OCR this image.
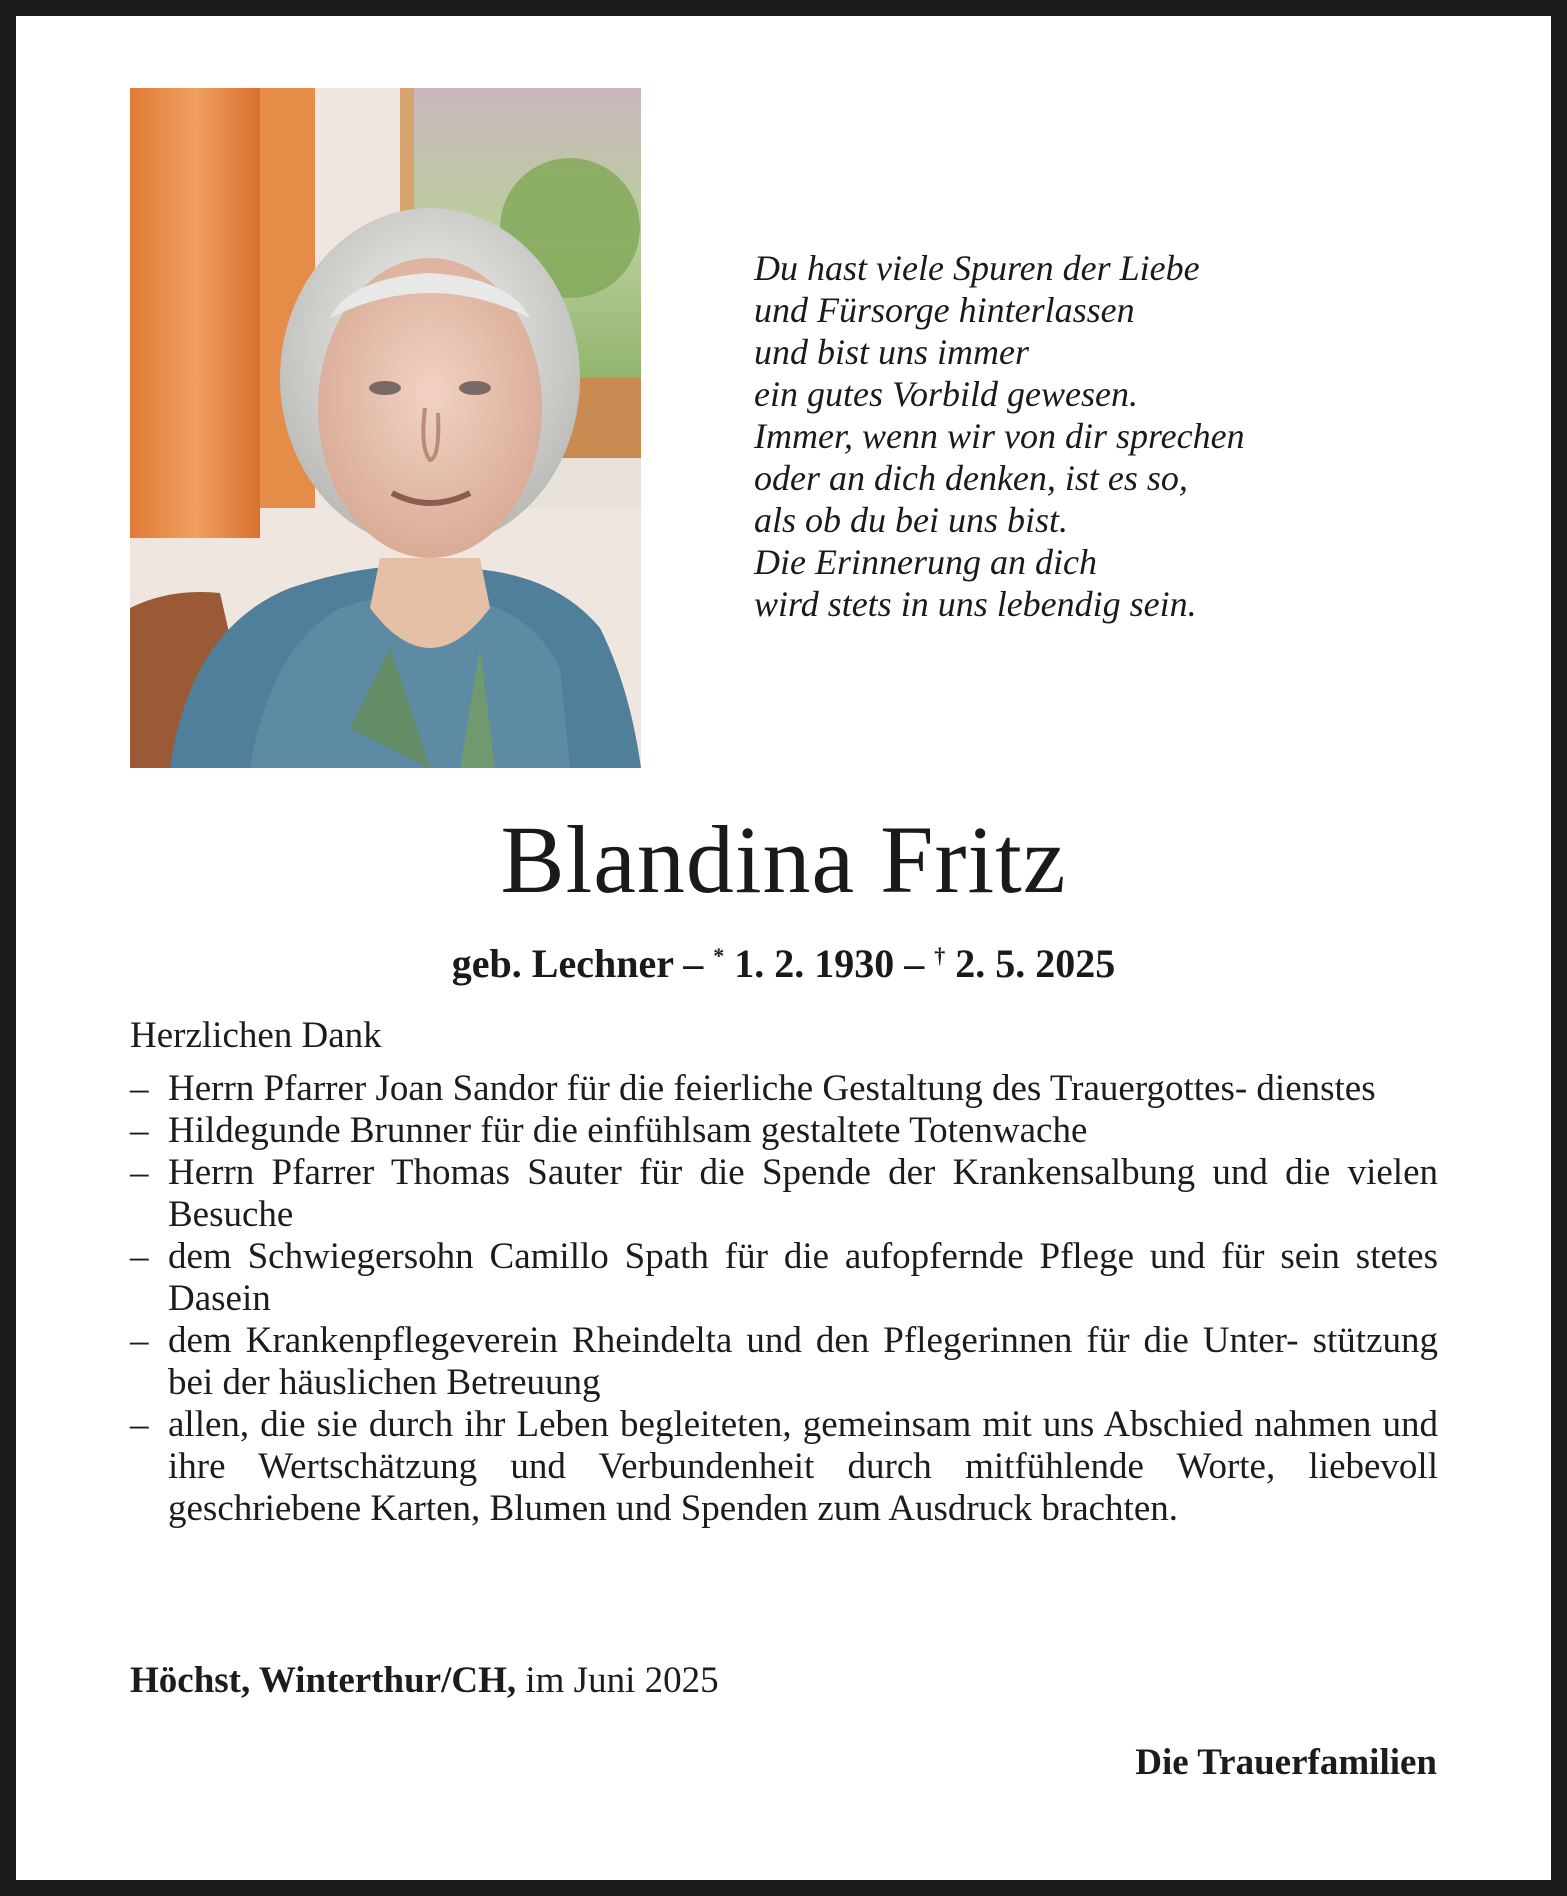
Du hast viele Spuren der Liebe
und Fürsorge hinterlassen
und bist uns immer
ein gutes Vorbild gewesen.
Immer, wenn wir von dir sprechen
oder an dich denken, ist es so,
als ob du bei uns bist.
Die Erinnerung an dich
wird stets in uns lebendig sein.
Blandina Fritz
geb. Lechner – * 1. 2. 1930 – † 2. 5. 2025
Herzlichen Dank
– Herrn Pfarrer Joan Sandor für die feierliche Gestaltung des Trauergottes- dienstes
– Hildegunde Brunner für die einfühlsam gestaltete Totenwache
– Herrn Pfarrer Thomas Sauter für die Spende der Krankensalbung und die vielen Besuche
– dem Schwiegersohn Camillo Spath für die aufopfernde Pflege und für sein stetes Dasein
– dem Krankenpflegeverein Rheindelta und den Pflegerinnen für die Unter- stützung bei der häuslichen Betreuung
– allen, die sie durch ihr Leben begleiteten, gemeinsam mit uns Abschied nahmen und ihre Wertschätzung und Verbundenheit durch mitfühlende Worte, liebevoll geschriebene Karten, Blumen und Spenden zum Ausdruck brachten.
Höchst, Winterthur/CH, im Juni 2025
Die Trauerfamilien
